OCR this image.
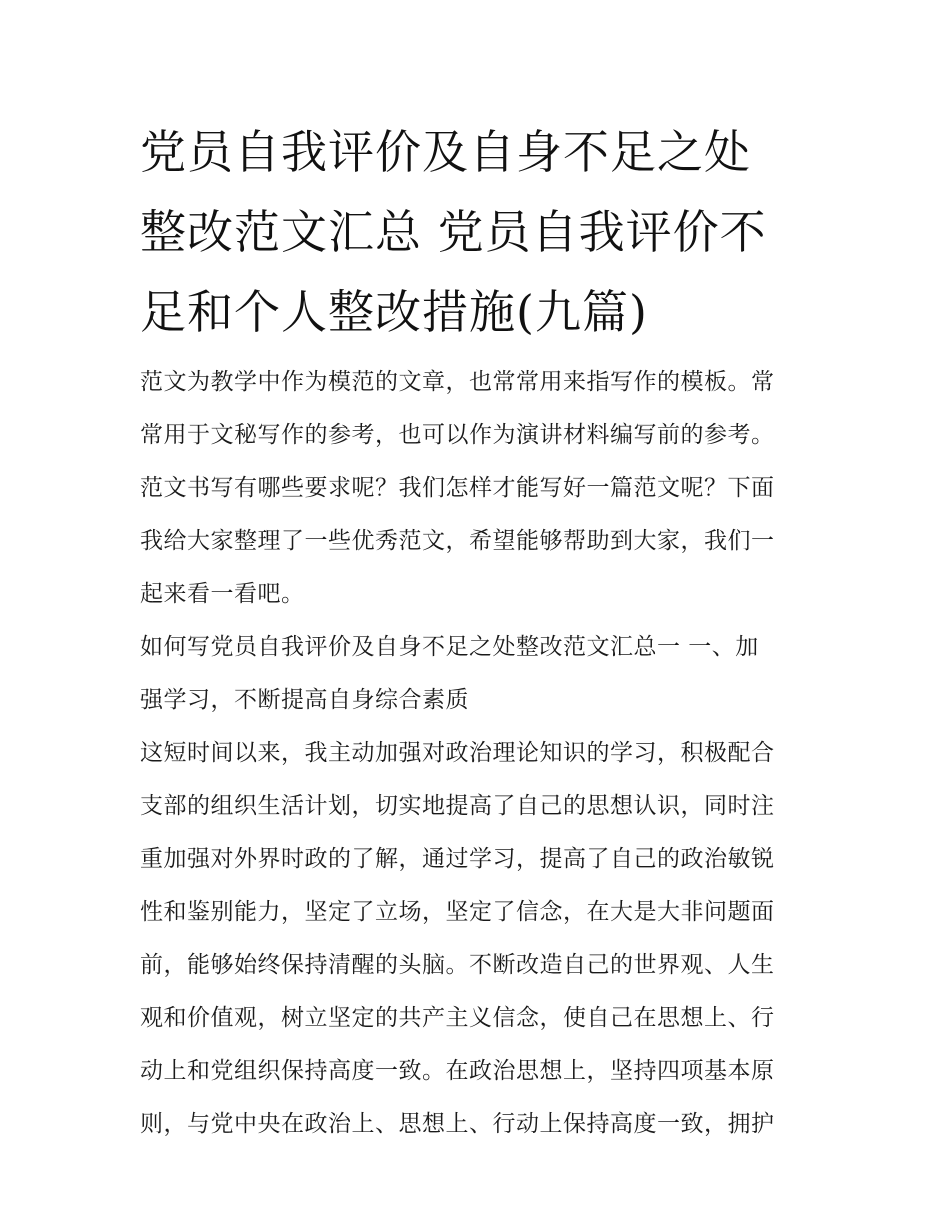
党员自我评价及自身不足之处
整改范文汇总 党员自我评价不
足和个人整改措施(九篇)
范文为教学中作为模范的文章，也常常用来指写作的模板。常
常用于文秘写作的参考，也可以作为演讲材料编写前的参考。
范文书写有哪些要求呢？我们怎样才能写好一篇范文呢？下面
我给大家整理了一些优秀范文，希望能够帮助到大家，我们一
起来看一看吧。
如何写党员自我评价及自身不足之处整改范文汇总一 一、加
强学习，不断提高自身综合素质
这短时间以来，我主动加强对政治理论知识的学习，积极配合
支部的组织生活计划，切实地提高了自己的思想认识，同时注
重加强对外界时政的了解，通过学习，提高了自己的政治敏锐
性和鉴别能力，坚定了立场，坚定了信念，在大是大非问题面
前，能够始终保持清醒的头脑。不断改造自己的世界观、人生
观和价值观，树立坚定的共产主义信念，使自己在思想上、行
动上和党组织保持高度一致。在政治思想上，坚持四项基本原
则，与党中央在政治上、思想上、行动上保持高度一致，拥护
